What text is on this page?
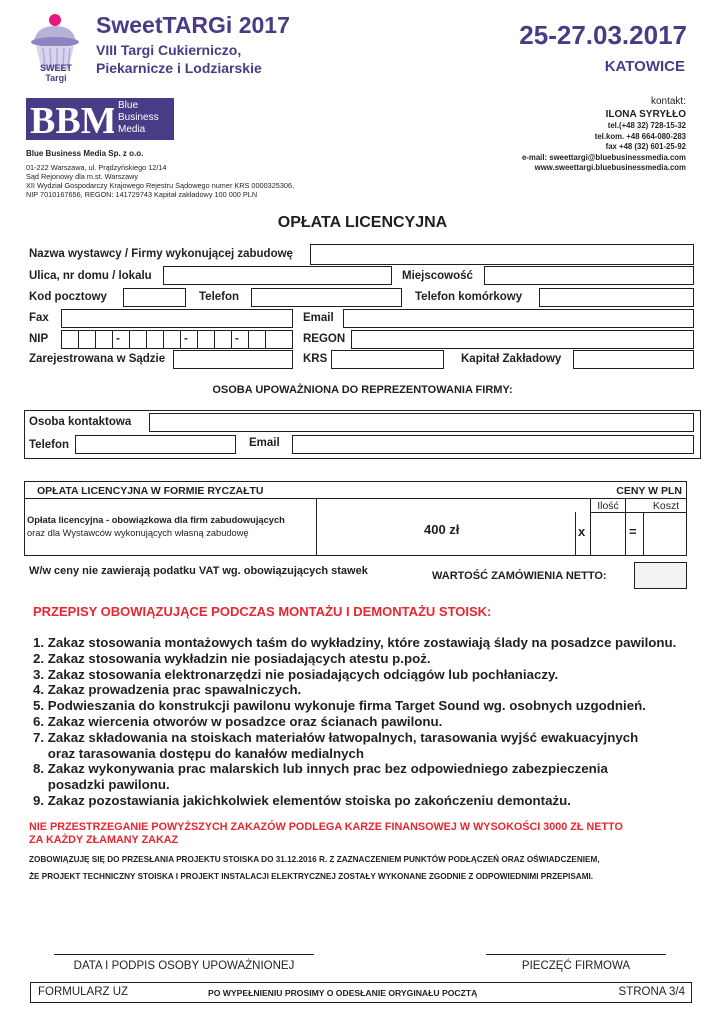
SWEET Targi
SweetTARGi 2017
VIII Targi Cukierniczo,
Piekarnicze i Lodziarskie
25-27.03.2017
KATOWICE
BBM Blue
Business
Media
Blue Business Media Sp. z o.o.
01-222 Warszawa, ul. Prądzyńskiego 12/14
Sąd Rejonowy dla m.st. Warszawy
XII Wydział Gospodarczy Krajowego Rejestru Sądowego numer KRS 0000325306,
NIP 7010167656, REGON: 141729743 Kapitał zakładowy 100 000 PLN
kontakt:
ILONA SYRYŁŁO
tel.(+48 32) 728-15-32
tel.kom. +48 664-080-283
fax +48 (32) 601-25-92
e-mail: sweettargi@bluebusinessmedia.com
www.sweettargi.bluebusinessmedia.com
OPŁATA LICENCYJNA
Nazwa wystawcy / Firmy wykonującej zabudowę
Ulica, nr domu / lokalu	Miejscowość
Kod pocztowy	Telefon	Telefon komórkowy
Fax	Email
NIP	-	-	-	REGON
Zarejestrowana w Sądzie	KRS	Kapitał Zakładowy
OSOBA UPOWAŻNIONA DO REPREZENTOWANIA FIRMY:
Osoba kontaktowa
Telefon	Email
OPŁATA LICENCYJNA W FORMIE RYCZAŁTU	CENY W PLN
Ilość	Koszt
Opłata licencyjna - obowiązkowa dla firm zabudowujących
oraz dla Wystawców wykonujących własną zabudowę	400 zł	x	=
W/w ceny nie zawierają podatku VAT wg. obowiązujących stawek	WARTOŚĆ ZAMÓWIENIA NETTO:
PRZEPISY OBOWIĄZUJĄCE PODCZAS MONTAŻU I DEMONTAŻU STOISK:
1. Zakaz stosowania montażowych taśm do wykładziny, które zostawiają ślady na posadzce pawilonu.
2. Zakaz stosowania wykładzin nie posiadających atestu p.poż.
3. Zakaz stosowania elektronarzędzi nie posiadających odciągów lub pochłaniaczy.
4. Zakaz prowadzenia prac spawalniczych.
5. Podwieszania do konstrukcji pawilonu wykonuje firma Target Sound wg. osobnych uzgodnień.
6. Zakaz wiercenia otworów w posadzce oraz ścianach pawilonu.
7. Zakaz składowania na stoiskach materiałów łatwopalnych, tarasowania wyjść ewakuacyjnych
oraz tarasowania dostępu do kanałów medialnych
8. Zakaz wykonywania prac malarskich lub innych prac bez odpowiedniego zabezpieczenia
posadzki pawilonu.
9. Zakaz pozostawiania jakichkolwiek elementów stoiska po zakończeniu demontażu.
NIE PRZESTRZEGANIE POWYŻSZYCH ZAKAZÓW PODLEGA KARZE FINANSOWEJ W WYSOKOŚCI 3000 ZŁ NETTO
ZA KAŻDY ZŁAMANY ZAKAZ
ZOBOWIĄZUJĘ SIĘ DO PRZESŁANIA PROJEKTU STOISKA DO 31.12.2016 R. Z ZAZNACZENIEM PUNKTÓW PODŁĄCZEŃ ORAZ OŚWIADCZENIEM,
ŻE PROJEKT TECHNICZNY STOISKA I PROJEKT INSTALACJI ELEKTRYCZNEJ ZOSTAŁY WYKONANE ZGODNIE Z ODPOWIEDNIMI PRZEPISAMI.
DATA I PODPIS OSOBY UPOWAŻNIONEJ	PIECZĘĆ FIRMOWA
FORMULARZ UZ	PO WYPEŁNIENIU PROSIMY O ODESŁANIE ORYGINAŁU POCZTĄ	STRONA 3/4
